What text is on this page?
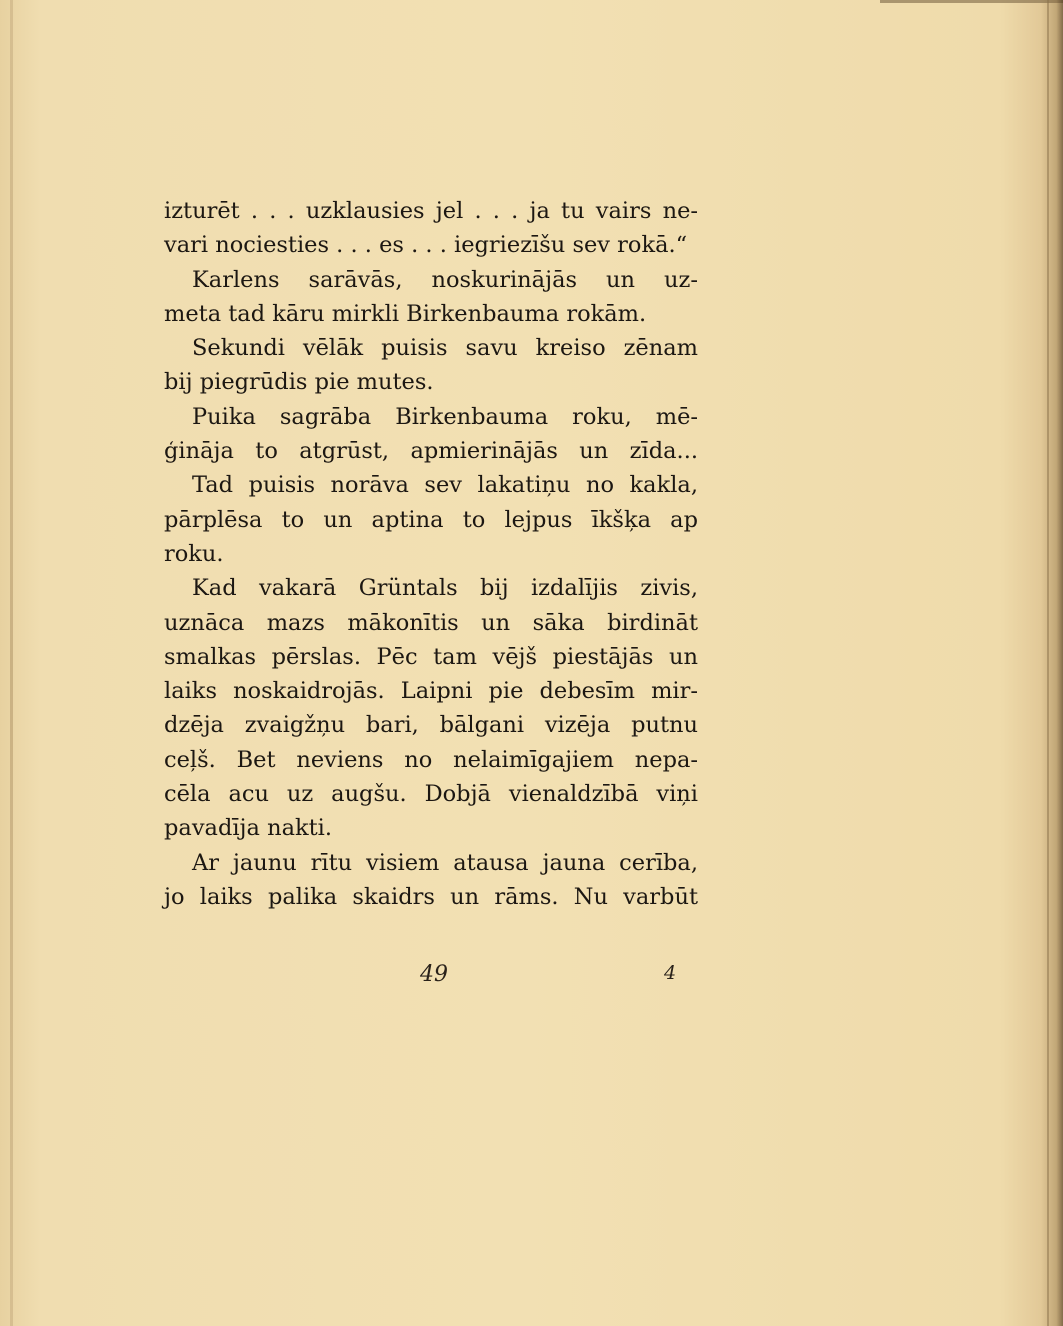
izturēt . . . uzklausies jel . . . ja tu vairs ne-
vari nociesties . . . es . . . iegriezīšu sev rokā.“
Karlens sarāvās, noskurinājās un uz-
meta tad kāru mirkli Birkenbauma rokām.
Sekundi vēlāk puisis savu kreiso zēnam
bij piegrūdis pie mutes.
Puika sagrāba Birkenbauma roku, mē-
ģināja to atgrūst, apmierinājās un zīda...
Tad puisis norāva sev lakatiņu no kakla,
pārplēsa to un aptina to lejpus īkšķa ap
roku.
Kad vakarā Grüntals bij izdalījis zivis,
uznāca mazs mākonītis un sāka birdināt
smalkas pērslas. Pēc tam vējš piestājās un
laiks noskaidrojās. Laipni pie debesīm mir-
dzēja zvaigžņu bari, bālgani vizēja putnu
ceļš. Bet neviens no nelaimīgajiem nepa-
cēla acu uz augšu. Dobjā vienaldzībā viņi
pavadīja nakti.
Ar jaunu rītu visiem atausa jauna cerība,
jo laiks palika skaidrs un rāms. Nu varbūt
49	4
